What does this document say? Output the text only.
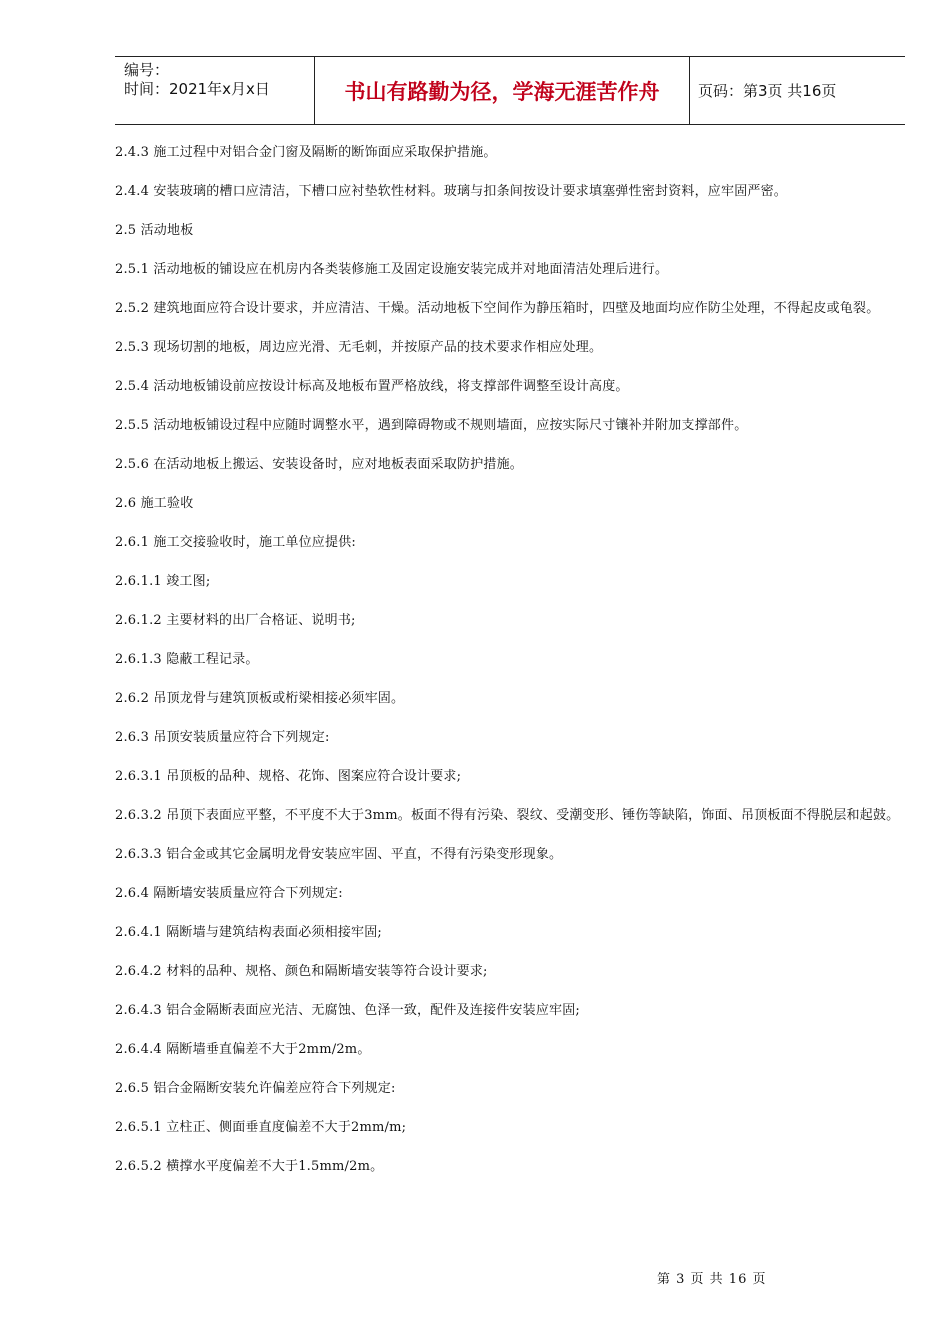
编号：
时间：2021年x月x日	书山有路勤为径，学海无涯苦作舟	页码：第3页 共16页

2.4.3 施工过程中对铝合金门窗及隔断的断饰面应采取保护措施。

2.4.4 安装玻璃的槽口应清洁，下槽口应衬垫软性材料。玻璃与扣条间按设计要求填塞弹性密封资料，应牢固严密。

2.5 活动地板

2.5.1 活动地板的铺设应在机房内各类装修施工及固定设施安装完成并对地面清洁处理后进行。

2.5.2 建筑地面应符合设计要求，并应清洁、干燥。活动地板下空间作为静压箱时，四壁及地面均应作防尘处理，不得起皮或龟裂。

2.5.3 现场切割的地板，周边应光滑、无毛刺，并按原产品的技术要求作相应处理。

2.5.4 活动地板铺设前应按设计标高及地板布置严格放线，将支撑部件调整至设计高度。

2.5.5 活动地板铺设过程中应随时调整水平，遇到障碍物或不规则墙面，应按实际尺寸镶补并附加支撑部件。

2.5.6 在活动地板上搬运、安装设备时，应对地板表面采取防护措施。

2.6 施工验收

2.6.1 施工交接验收时，施工单位应提供:

2.6.1.1 竣工图;

2.6.1.2 主要材料的出厂合格证、说明书;

2.6.1.3 隐蔽工程记录。

2.6.2 吊顶龙骨与建筑顶板或桁梁相接必须牢固。

2.6.3 吊顶安装质量应符合下列规定:

2.6.3.1 吊顶板的品种、规格、花饰、图案应符合设计要求;

2.6.3.2 吊顶下表面应平整，不平度不大于3mm。板面不得有污染、裂纹、受潮变形、锤伤等缺陷，饰面、吊顶板面不得脱层和起鼓。

2.6.3.3 铝合金或其它金属明龙骨安装应牢固、平直，不得有污染变形现象。

2.6.4 隔断墙安装质量应符合下列规定:

2.6.4.1 隔断墙与建筑结构表面必须相接牢固;

2.6.4.2 材料的品种、规格、颜色和隔断墙安装等符合设计要求;

2.6.4.3 铝合金隔断表面应光洁、无腐蚀、色泽一致，配件及连接件安装应牢固;

2.6.4.4 隔断墙垂直偏差不大于2mm/2m。

2.6.5 铝合金隔断安装允许偏差应符合下列规定:

2.6.5.1 立柱正、侧面垂直度偏差不大于2mm/m;

2.6.5.2 横撑水平度偏差不大于1.5mm/2m。

第 3 页 共 16 页
